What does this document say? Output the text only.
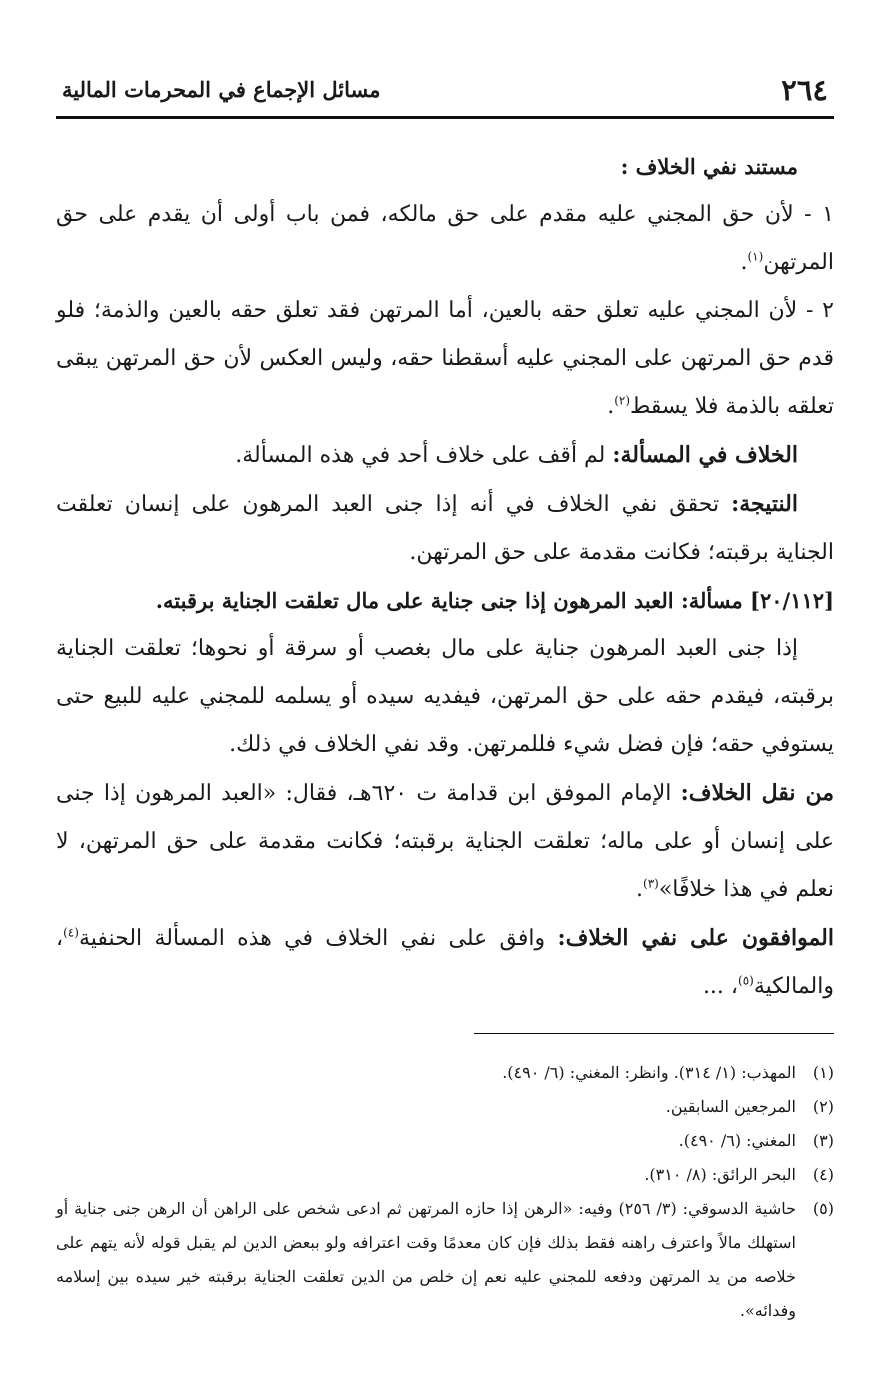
٢٦٤
مسائل الإجماع في المحرمات المالية

مستند نفي الخلاف :

١ - لأن حق المجني عليه مقدم على حق مالكه، فمن باب أولى أن يقدم على حق المرتهن$^{(١)}$.

٢ - لأن المجني عليه تعلق حقه بالعين، أما المرتهن فقد تعلق حقه بالعين والذمة؛ فلو قدم حق المرتهن على المجني عليه أسقطنا حقه، وليس العكس لأن حق المرتهن يبقى تعلقه بالذمة فلا يسقط$^{(٢)}$.

الخلاف في المسألة: لم أقف على خلاف أحد في هذه المسألة.

النتيجة: تحقق نفي الخلاف في أنه إذا جنى العبد المرهون على إنسان تعلقت الجناية برقبته؛ فكانت مقدمة على حق المرتهن.

[٢٠/١١٢] مسألة: العبد المرهون إذا جنى جناية على مال تعلقت الجناية برقبته.

إذا جنى العبد المرهون جناية على مال بغصب أو سرقة أو نحوها؛ تعلقت الجناية برقبته، فيقدم حقه على حق المرتهن، فيفديه سيده أو يسلمه للمجني عليه للبيع حتى يستوفي حقه؛ فإن فضل شيء فللمرتهن. وقد نفي الخلاف في ذلك.

من نقل الخلاف: الإمام الموفق ابن قدامة ت ٦٢٠هـ، فقال: «العبد المرهون إذا جنى على إنسان أو على ماله؛ تعلقت الجناية برقبته؛ فكانت مقدمة على حق المرتهن، لا نعلم في هذا خلافًا»$^{(٣)}$.

الموافقون على نفي الخلاف: وافق على نفي الخلاف في هذه المسألة الحنفية$^{(٤)}$، والمالكية$^{(٥)}$، ...

(١)
المهذب: (١/ ٣١٤). وانظر: المغني: (٦/ ٤٩٠).
(٢)
المرجعين السابقين.
(٣)
المغني: (٦/ ٤٩٠).
(٤)
البحر الرائق: (٨/ ٣١٠).
(٥)
حاشية الدسوقي: (٣/ ٢٥٦) وفيه: «الرهن إذا حازه المرتهن ثم ادعى شخص على الراهن أن الرهن جنى جناية أو استهلك مالاً واعترف راهنه فقط بذلك فإن كان معدمًا وقت اعترافه ولو ببعض الدين لم يقبل قوله لأنه يتهم على خلاصه من يد المرتهن ودفعه للمجني عليه نعم إن خلص من الدين تعلقت الجناية برقبته خير سيده بين إسلامه وفدائه».
